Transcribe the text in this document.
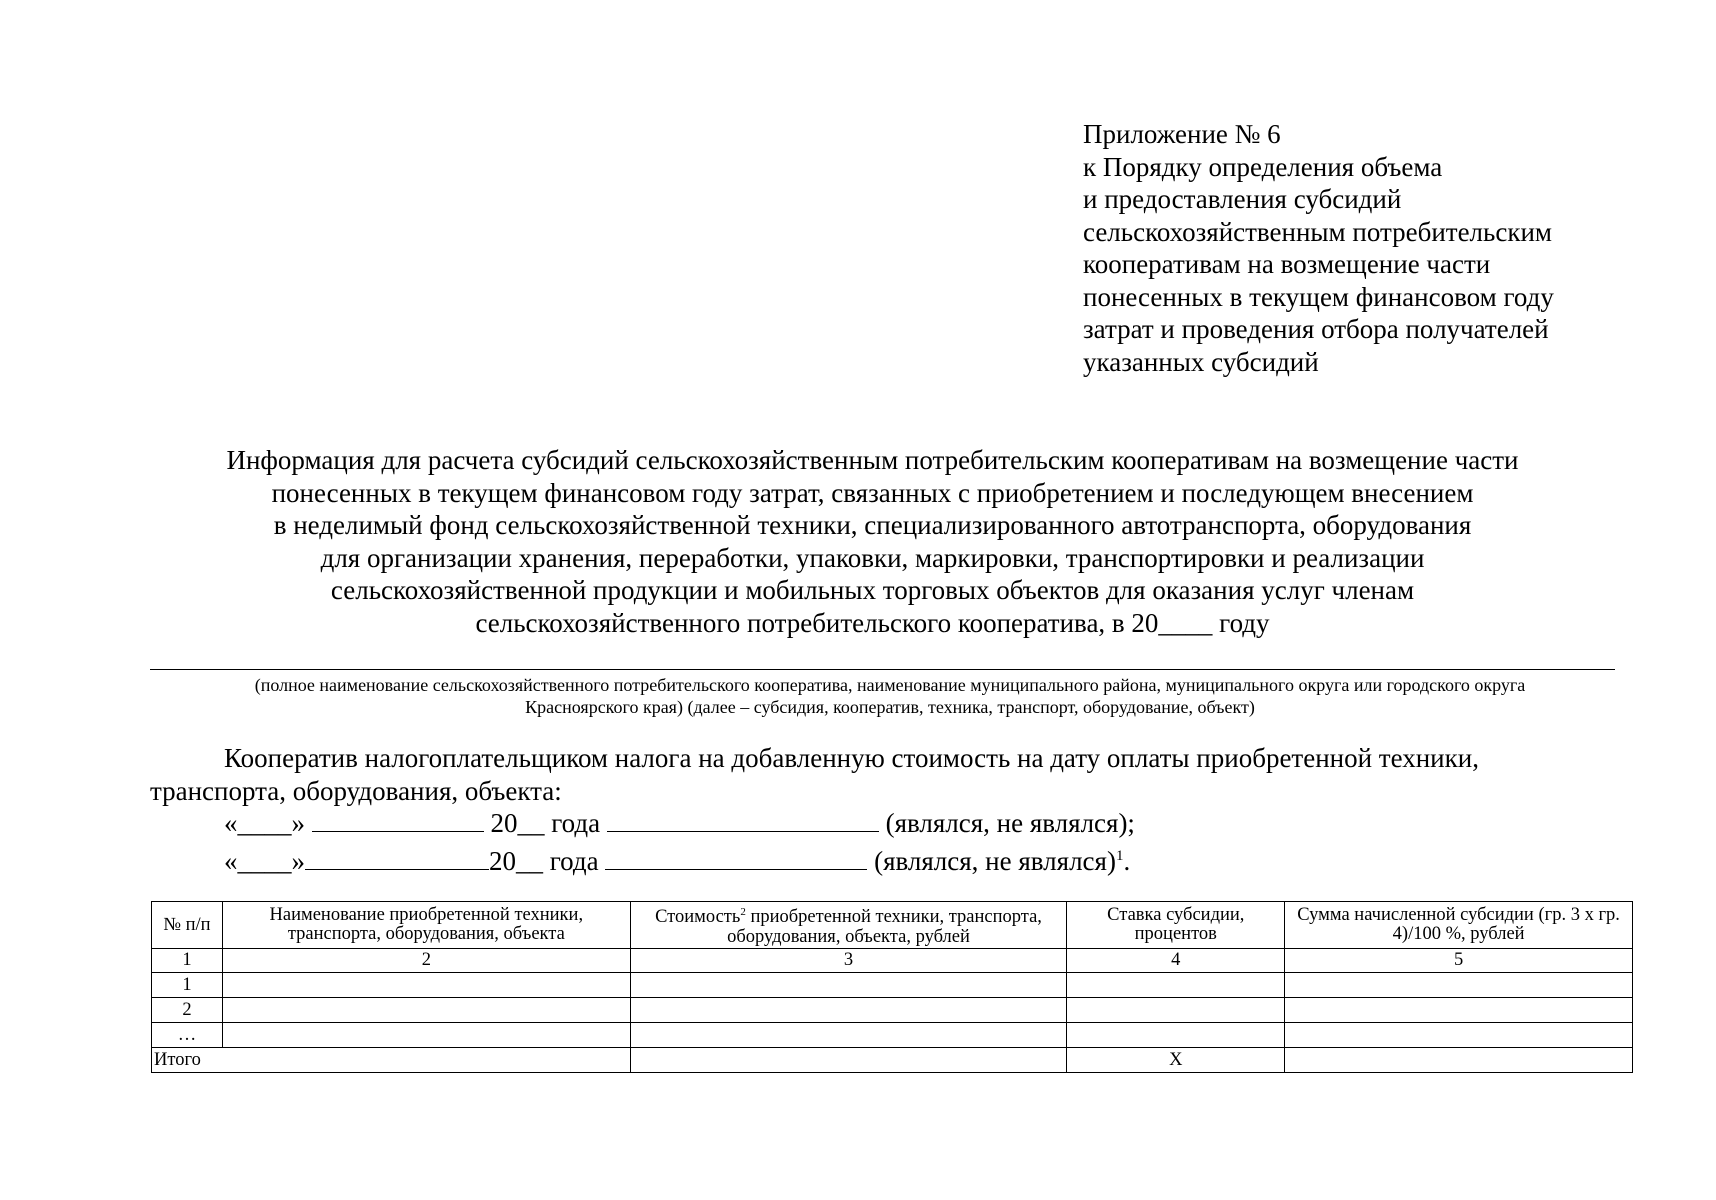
Приложение № 6
к Порядку определения объема
и предоставления субсидий
сельскохозяйственным потребительским
кооперативам на возмещение части
понесенных в текущем финансовом году
затрат и проведения отбора получателей
указанных субсидий
Информация для расчета субсидий сельскохозяйственным потребительским кооперативам на возмещение части
понесенных в текущем финансовом году затрат, связанных с приобретением и последующем внесением
в неделимый фонд сельскохозяйственной техники, специализированного автотранспорта, оборудования
для организации хранения, переработки, упаковки, маркировки, транспортировки и реализации
сельскохозяйственной продукции и мобильных торговых объектов для оказания услуг членам
сельскохозяйственного потребительского кооператива, в 20____ году
(полное наименование сельскохозяйственного потребительского кооператива, наименование муниципального района, муниципального округа или городского округа
Красноярского края) (далее – субсидия, кооператив, техника, транспорт, оборудование, объект)
Кооператив налогоплательщиком налога на добавленную стоимость на дату оплаты приобретенной техники,
транспорта, оборудования, объекта:
«____»	20__ года	(являлся, не являлся);
«____»	20__ года	(являлся, не являлся)$^1$.
№ п/п	Наименование приобретенной техники, транспорта, оборудования, объекта	Стоимость$^2$ приобретенной техники, транспорта, оборудования, объекта, рублей	Ставка субсидии, процентов	Сумма начисленной субсидии (гр. 3 х гр. 4)/100 %, рублей
1	2	3	4	5
1				
2				
…				
Итого			Х	
